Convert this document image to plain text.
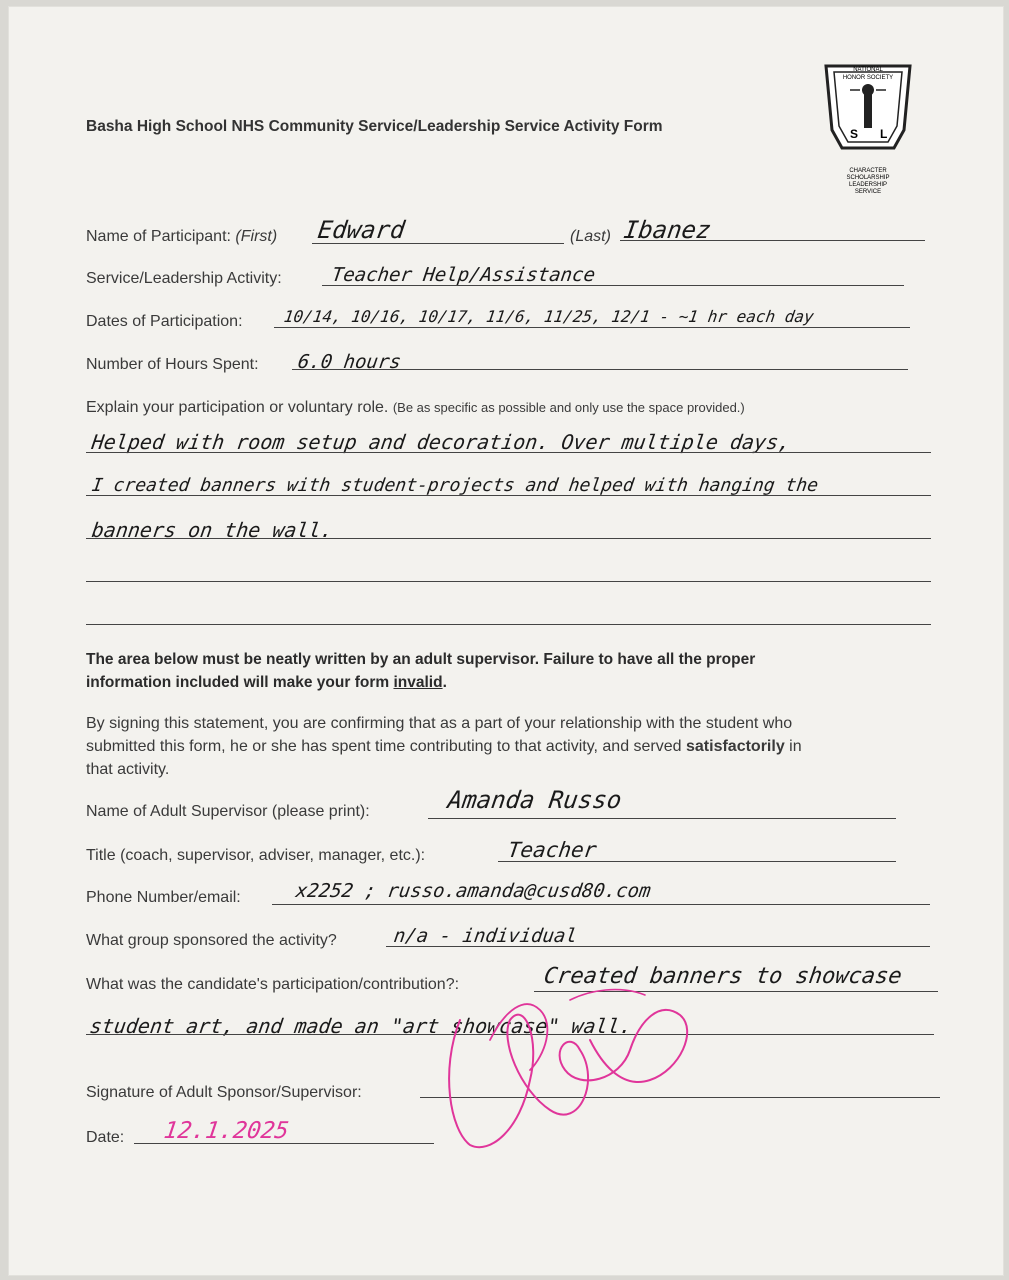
Basha High School NHS Community Service/Leadership Service Activity Form
NATIONAL
HONOR SOCIETY
S L
CHARACTER
SCHOLARSHIP
LEADERSHIP
SERVICE
Name of Participant: (First) Edward	(Last) Ibanez
Service/Leadership Activity:	Teacher Help/Assistance
Dates of Participation:	10/14, 10/16, 10/17, 11/6, 11/25, 12/1 - ~1 hr each day
Number of Hours Spent: 6.0 hours
Explain your participation or voluntary role. (Be as specific as possible and only use the space provided.)
Helped with room setup and decoration. Over multiple days,
I created banners with student-projects and helped with hanging the
banners on the wall.
The area below must be neatly written by an adult supervisor. Failure to have all the proper
information included will make your form invalid.
By signing this statement, you are confirming that as a part of your relationship with the student who
submitted this form, he or she has spent time contributing to that activity, and served satisfactorily in
that activity.
Name of Adult Supervisor (please print):	Amanda Russo
Title (coach, supervisor, adviser, manager, etc.):	Teacher
Phone Number/email:	x2252 ; russo.amanda@cusd80.com
What group sponsored the activity?	n/a - individual
What was the candidate's participation/contribution?:	Created banners to showcase
student art, and made an "art showcase" wall.
Signature of Adult Sponsor/Supervisor:
Date: 12.1.2025
